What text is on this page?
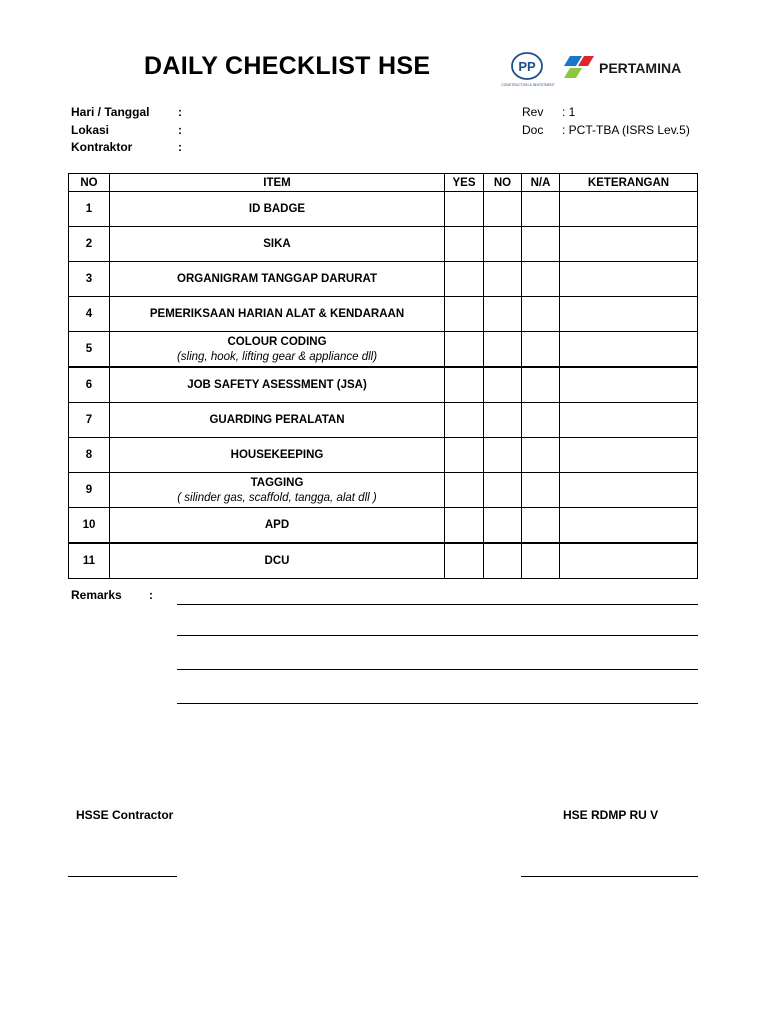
DAILY CHECKLIST HSE	PP
CONSTRUCTION & INVESTMENT
PERTAMINA
Hari / Tanggal :
Lokasi	:
Kontraktor	:
Rev : 1
Doc : PCT-TBA (ISRS Lev.5)
NO	ITEM	YES	NO	N/A	KETERANGAN
1	ID BADGE				
2	SIKA				
3	ORGANIGRAM TANGGAP DARURAT				
4	PEMERIKSAAN HARIAN ALAT & KENDARAAN				
5	COLOUR CODING
(sling, hook, lifting gear & appliance dll)				

6	JOB SAFETY ASESSMENT (JSA)				
7	GUARDING PERALATAN				
8	HOUSEKEEPING				
9	TAGGING
( silinder gas, scaffold, tangga, alat dll )				

10	APD				
11	DCU				
Remarks :
HSSE Contractor	HSE RDMP RU V
